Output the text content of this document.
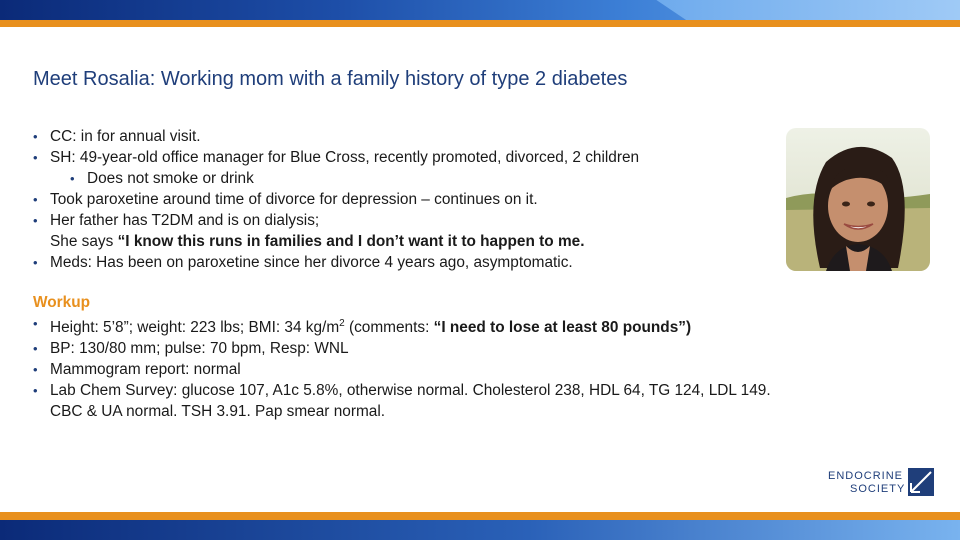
Meet Rosalia: Working mom with a family history of type 2 diabetes
• CC: in for annual visit.
• SH: 49-year-old office manager for Blue Cross, recently promoted, divorced, 2 children
• Does not smoke or drink
• Took paroxetine around time of divorce for depression – continues on it.
• Her father has T2DM and is on dialysis;
She says “I know this runs in families and I don’t want it to happen to me.
• Meds: Has been on paroxetine since her divorce 4 years ago, asymptomatic.
Workup
• Height: 5’8”; weight: 223 lbs; BMI: 34 $kg/m^2$ (comments: “I need to lose at least 80 pounds”)
• BP: 130/80 mm; pulse: 70 bpm, Resp: WNL
• Mammogram report: normal
• Lab Chem Survey: glucose 107, A1c 5.8%, otherwise normal. Cholesterol 238, HDL 64, TG 124, LDL 149.
CBC & UA normal. TSH 3.91. Pap smear normal.
ENDOCRINE
SOCIETY
